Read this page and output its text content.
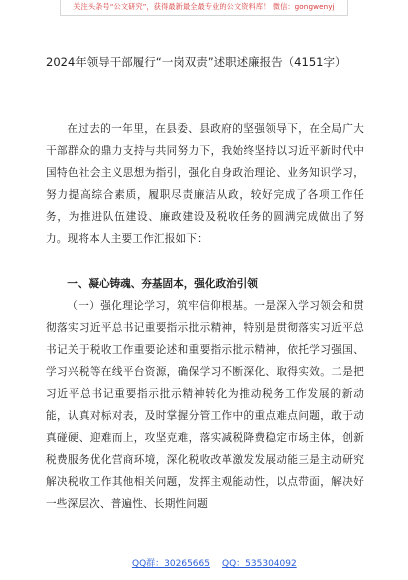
关注头条号“公文研究”，获得最新最全最专业的公文资料库！ 微信：gongwenyj
2024年领导干部履行“一岗双责”述职述廉报告（4151字）

在过去的一年里，在县委、县政府的坚强领导下，在全局广大干部群众的鼎力支持与共同努力下，我始终坚持以习近平新时代中国特色社会主义思想为指引，强化自身政治理论、业务知识学习，努力提高综合素质，履职尽责廉洁从政，较好完成了各项工作任务，为推进队伍建设、廉政建设及税收任务的圆满完成做出了努力。现将本人主要工作汇报如下：

一、凝心铸魂、夯基固本，强化政治引领

（一）强化理论学习，筑牢信仰根基。一是深入学习领会和贯彻落实习近平总书记重要指示批示精神，特别是贯彻落实习近平总书记关于税收工作重要论述和重要指示批示精神，依托学习强国、学习兴税等在线平台资源，确保学习不断深化、取得实效。二是把习近平总书记重要指示批示精神转化为推动税务工作发展的新动能，认真对标对表，及时掌握分管工作中的重点难点问题，敢于动真碰硬、迎难而上，攻坚克难，落实减税降费稳定市场主体，创新税费服务优化营商环境，深化税收改革激发发展动能三是主动研究解决税收工作其他相关问题，发挥主观能动性，以点带面，解决好一些深层次、普遍性、长期性问题

QQ群：30265665 QQ：535304092
